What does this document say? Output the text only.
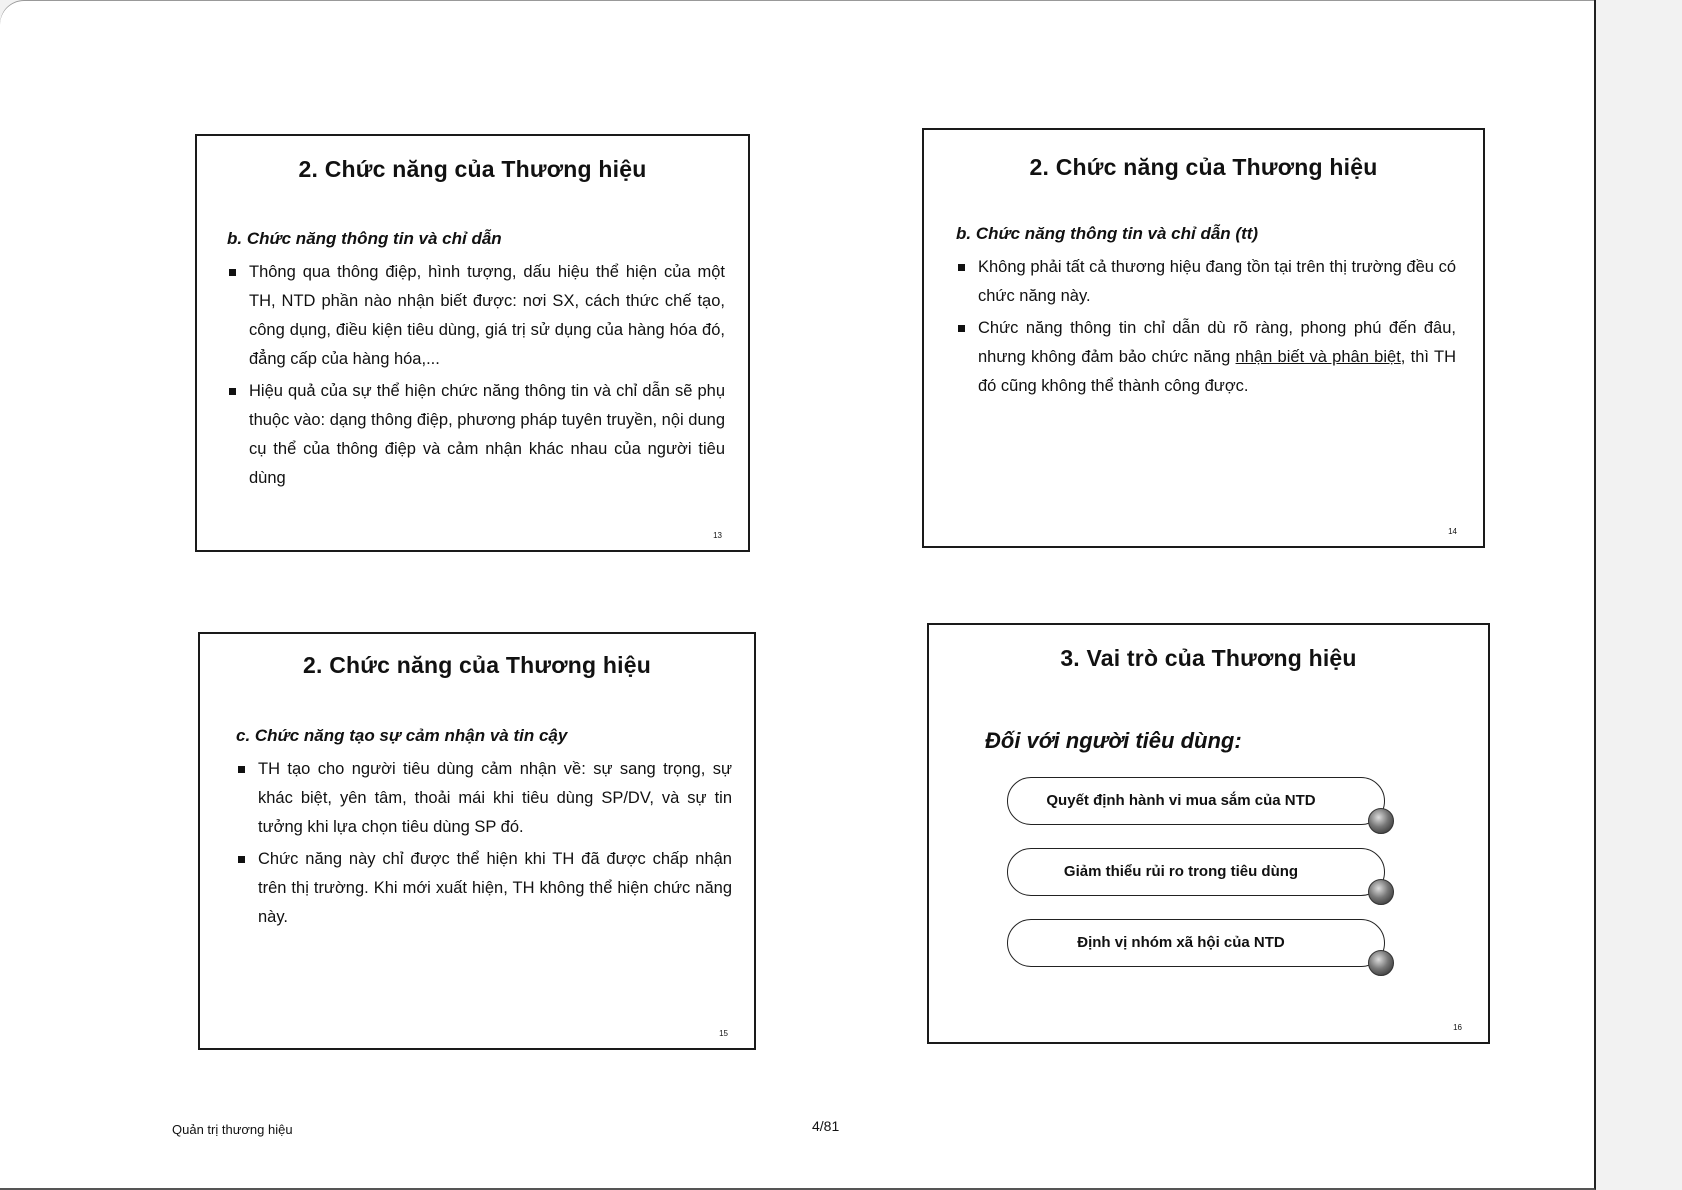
2. Chức năng của Thương hiệu
b. Chức năng thông tin và chỉ dẫn
Thông qua thông điệp, hình tượng, dấu hiệu thể hiện của một TH, NTD phần nào nhận biết được: nơi SX, cách thức chế tạo, công dụng, điều kiện tiêu dùng, giá trị sử dụng của hàng hóa đó, đẳng cấp của hàng hóa,...
Hiệu quả của sự thể hiện chức năng thông tin và chỉ dẫn sẽ phụ thuộc vào: dạng thông điệp, phương pháp tuyên truyền, nội dung cụ thể của thông điệp và cảm nhận khác nhau của người tiêu dùng
13
2. Chức năng của Thương hiệu
b. Chức năng thông tin và chỉ dẫn (tt)
Không phải tất cả thương hiệu đang tồn tại trên thị trường đều có chức năng này.
Chức năng thông tin chỉ dẫn dù rõ ràng, phong phú đến đâu, nhưng không đảm bảo chức năng nhận biết và phân biệt, thì TH đó cũng không thể thành công được.
14
2. Chức năng của Thương hiệu
c. Chức năng tạo sự cảm nhận và tin cậy
TH tạo cho người tiêu dùng cảm nhận về: sự sang trọng, sự khác biệt, yên tâm, thoải mái khi tiêu dùng SP/DV, và sự tin tưởng khi lựa chọn tiêu dùng SP đó.
Chức năng này chỉ được thể hiện khi TH đã được chấp nhận trên thị trường. Khi mới xuất hiện, TH không thể hiện chức năng này.
15
3. Vai trò của Thương hiệu
Đối với người tiêu dùng:
Quyết định hành vi mua sắm của NTD
Giảm thiểu rủi ro trong tiêu dùng
Định vị nhóm xã hội của NTD
16
Quản trị thương hiệu	4/81
